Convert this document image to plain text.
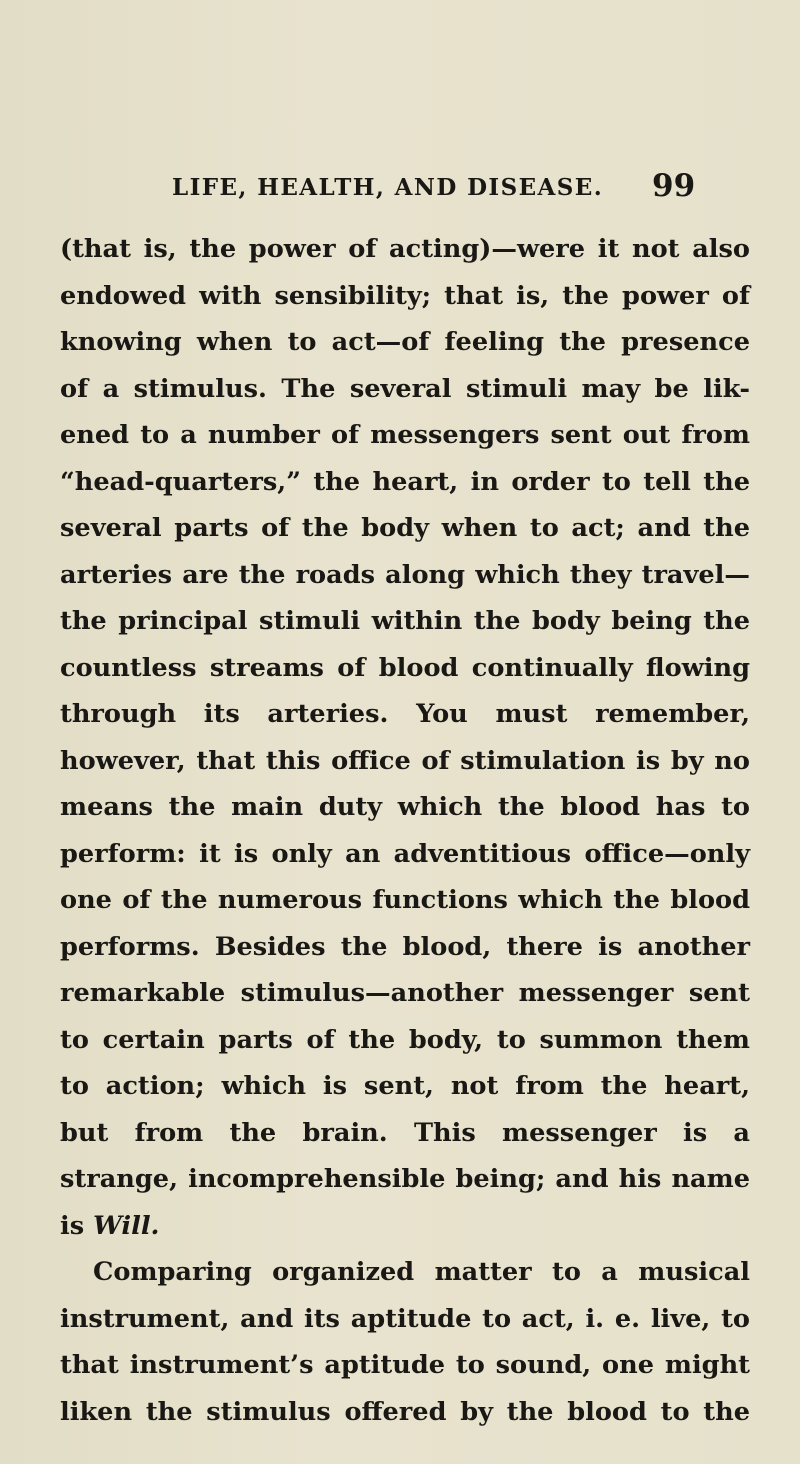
LIFE, HEALTH, AND DISEASE. 99
(that is, the power of acting)—were it not also
endowed with sensibility; that is, the power of
knowing when to act—of feeling the presence
of a stimulus. The several stimuli may be lik-
ened to a number of messengers sent out from
“head-quarters,” the heart, in order to tell the
several parts of the body when to act; and the
arteries are the roads along which they travel—
the principal stimuli within the body being the
countless streams of blood continually flowing
through its arteries. You must remember,
however, that this office of stimulation is by no
means the main duty which the blood has to
perform: it is only an adventitious office—only
one of the numerous functions which the blood
performs. Besides the blood, there is another
remarkable stimulus—another messenger sent
to certain parts of the body, to summon them
to action; which is sent, not from the heart,
but from the brain. This messenger is a
strange, incomprehensible being; and his name
is Will.
Comparing organized matter to a musical
instrument, and its aptitude to act, i. e. live, to
that instrument’s aptitude to sound, one might
liken the stimulus offered by the blood to the
